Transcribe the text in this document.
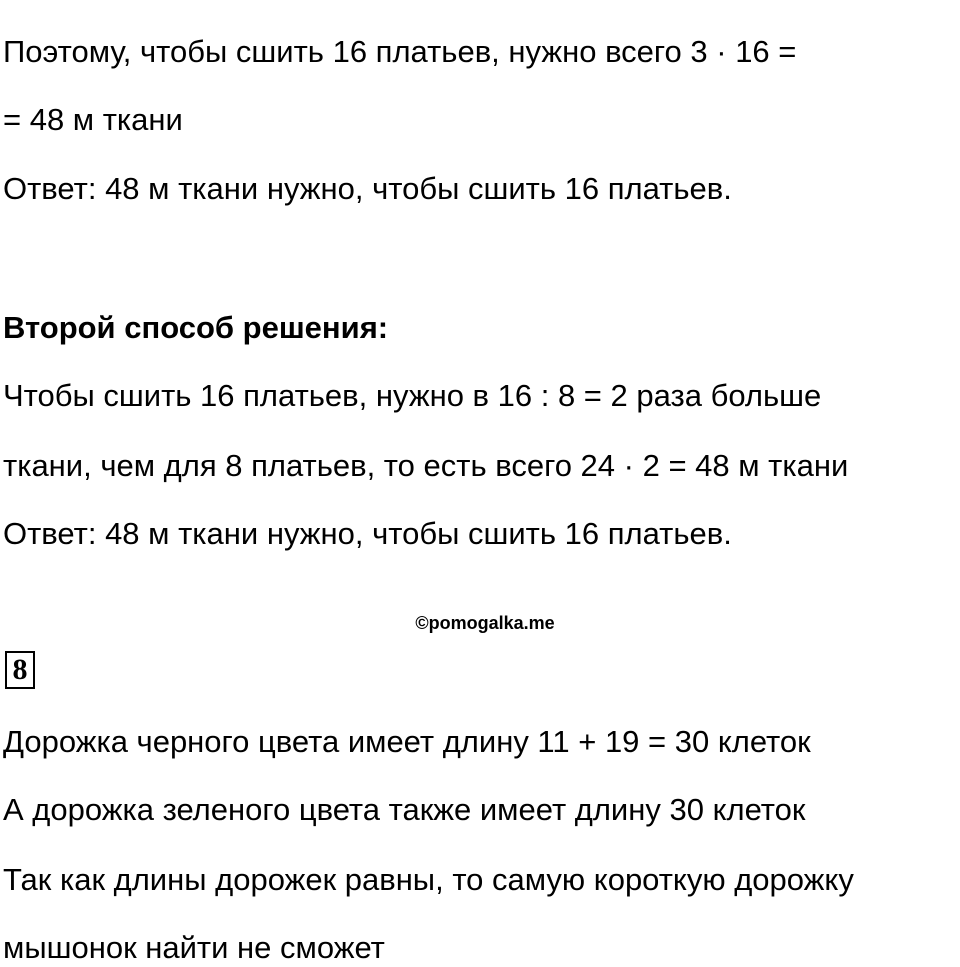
Поэтому, чтобы сшить 16 платьев, нужно всего 3 · 16 =
= 48 м ткани
Ответ: 48 м ткани нужно, чтобы сшить 16 платьев.
Второй способ решения:
Чтобы сшить 16 платьев, нужно в 16 : 8 = 2 раза больше
ткани, чем для 8 платьев, то есть всего 24 · 2 = 48 м ткани
Ответ: 48 м ткани нужно, чтобы сшить 16 платьев.
©pomogalka.me
8
Дорожка черного цвета имеет длину 11 + 19 = 30 клеток
А дорожка зеленого цвета также имеет длину 30 клеток
Так как длины дорожек равны, то самую короткую дорожку
мышонок найти не сможет
